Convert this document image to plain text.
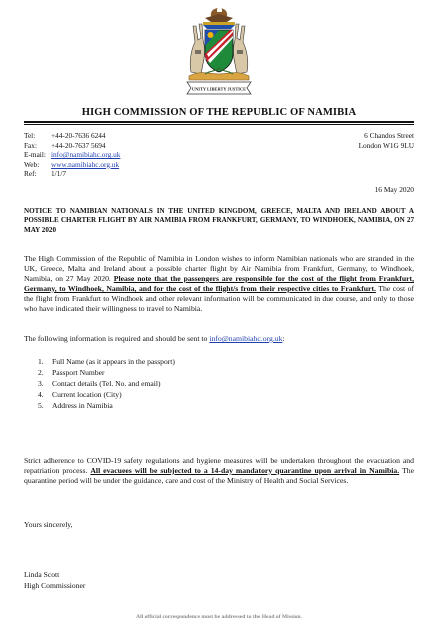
UNITY LIBERTY JUSTICE
HIGH COMMISSION OF THE REPUBLIC OF NAMIBIA
Tel: +44-20-7636 6244
Fax: +44-20-7637 5694
E-mail: info@namibiahc.org.uk
Web: www.namibiahc.org.uk
Ref: 1/1/7
6 Chandos Street
London W1G 9LU
16 May 2020
NOTICE TO NAMIBIAN NATIONALS IN THE UNITED KINGDOM, GREECE, MALTA AND IRELAND ABOUT A POSSIBLE CHARTER FLIGHT BY AIR NAMIBIA FROM FRANKFURT, GERMANY, TO WINDHOEK, NAMIBIA, ON 27 MAY 2020
The High Commission of the Republic of Namibia in London wishes to inform Namibian nationals who are stranded in the UK, Greece, Malta and Ireland about a possible charter flight by Air Namibia from Frankfurt, Germany, to Windhoek, Namibia, on 27 May 2020. Please note that the passengers are responsible for the cost of the flight from Frankfurt, Germany, to Windhoek, Namibia, and for the cost of the flight/s from their respective cities to Frankfurt. The cost of the flight from Frankfurt to Windhoek and other relevant information will be communicated in due course, and only to those who have indicated their willingness to travel to Namibia.
The following information is required and should be sent to info@namibiahc.org.uk:
1. Full Name (as it appears in the passport)
2. Passport Number
3. Contact details (Tel. No. and email)
4. Current location (City)
5. Address in Namibia
Strict adherence to COVID-19 safety regulations and hygiene measures will be undertaken throughout the evacuation and repatriation process. All evacuees will be subjected to a 14-day mandatory quarantine upon arrival in Namibia. The quarantine period will be under the guidance, care and cost of the Ministry of Health and Social Services.
Yours sincerely,
Linda Scott
High Commissioner
All official correspondence must be addressed to the Head of Mission.
